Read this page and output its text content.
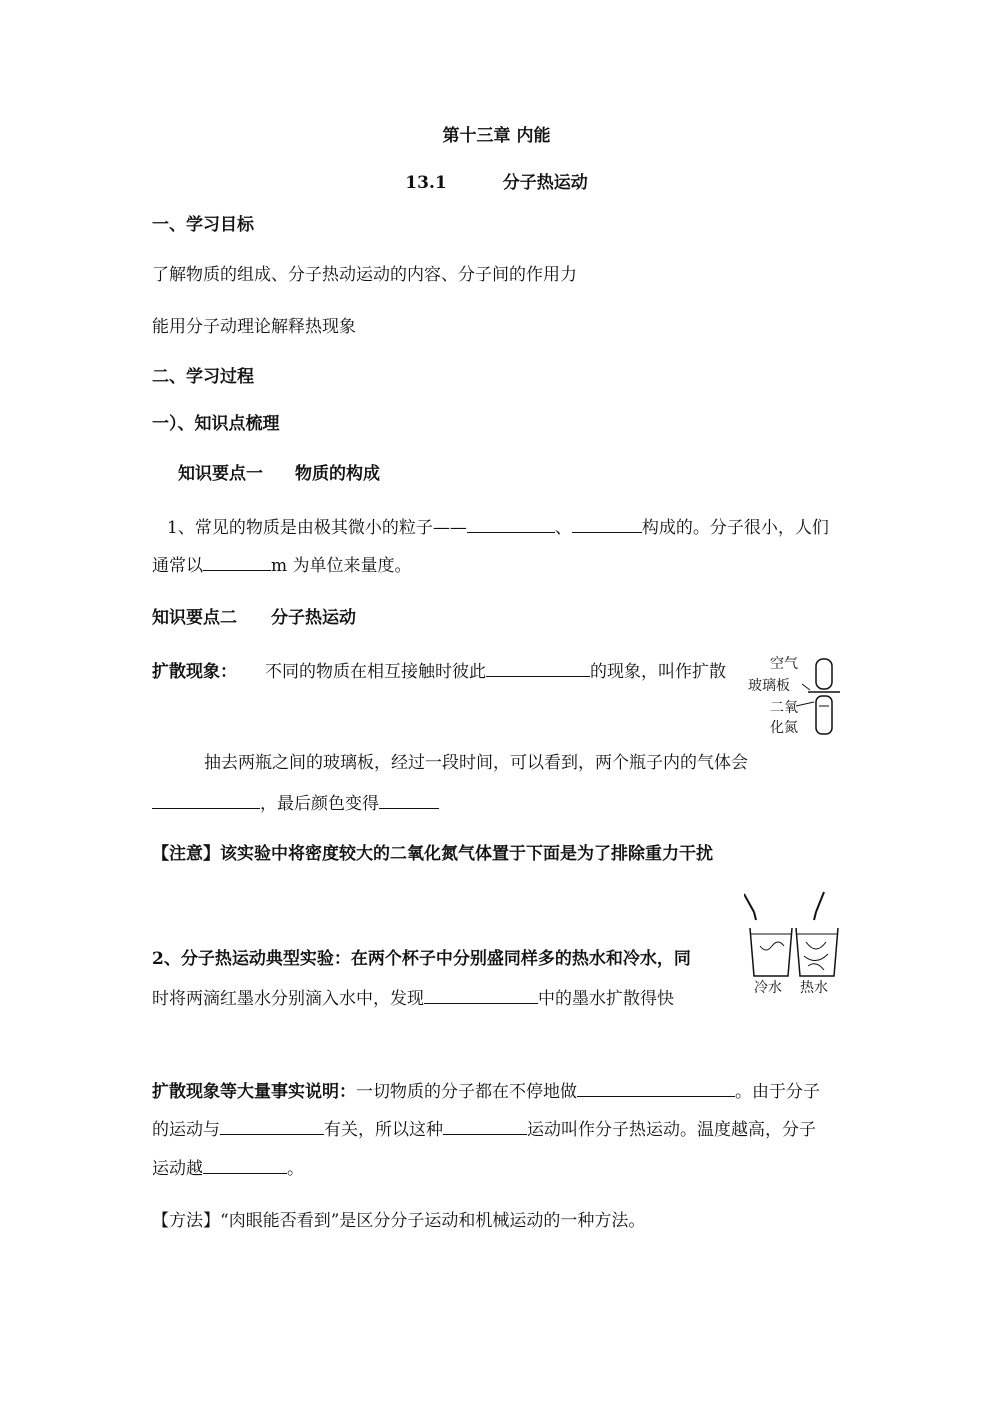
第十三章 内能
13.1	分子热运动
一、学习目标
了解物质的组成、分子热动运动的内容、分子间的作用力
能用分子动理论解释热现象
二、学习过程
一）、知识点梳理
知识要点一 物质的构成
1、常见的物质是由极其微小的粒子——	、	构成的。分子很小，人们
通常以	m 为单位来量度。
知识要点二 分子热运动
扩散现象： 不同的物质在相互接触时彼此	的现象，叫作扩散	空气
玻璃板
二氧
化氮
抽去两瓶之间的玻璃板，经过一段时间，可以看到，两个瓶子内的气体会
，最后颜色变得
【注意】该实验中将密度较大的二氧化氮气体置于下面是为了排除重力干扰
冷水 热水
2、分子热运动典型实验：在两个杯子中分别盛同样多的热水和冷水，同
时将两滴红墨水分别滴入水中，发现	中的墨水扩散得快
扩散现象等大量事实说明：一切物质的分子都在不停地做	。由于分子
的运动与	有关，所以这种	运动叫作分子热运动。温度越高，分子
运动越	。
【方法】“肉眼能否看到”是区分分子运动和机械运动的一种方法。
